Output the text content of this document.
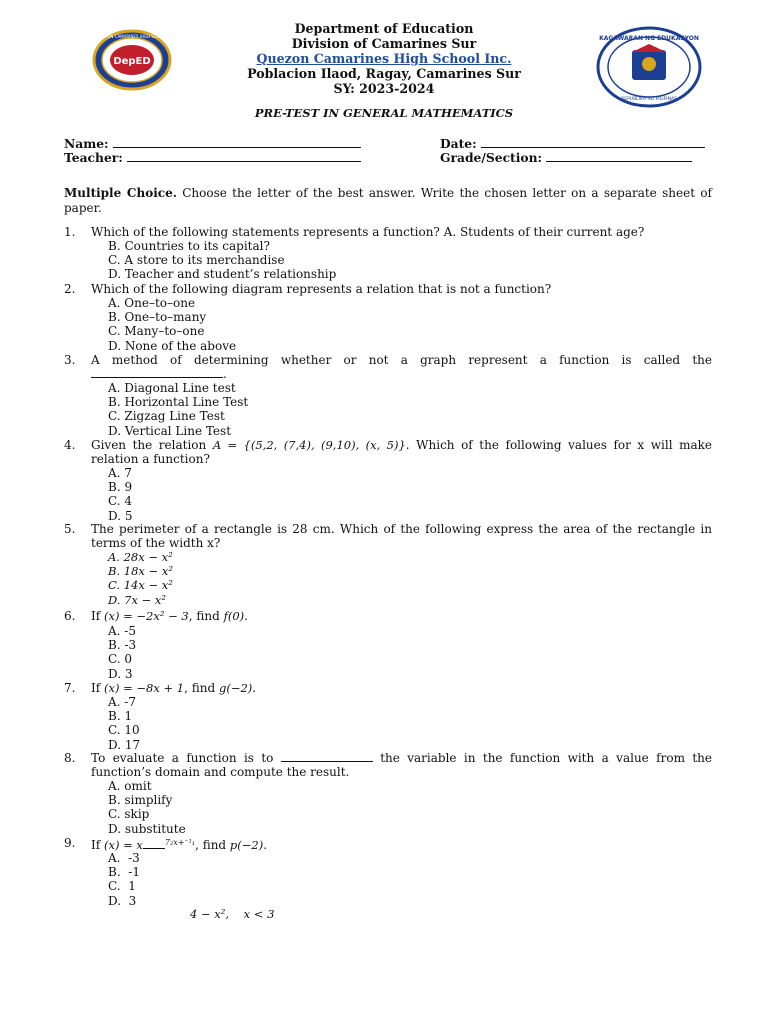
DepED
QUEZON CAMARINES HIGH SCHOOL	KAGAWARAN NG EDUKASYON
REPUBLIKA NG PILIPINAS
Department of Education
Division of Camarines Sur
Quezon Camarines High School Inc.
Poblacion Ilaod, Ragay, Camarines Sur
SY: 2023-2024
PRE-TEST IN GENERAL MATHEMATICS
Name:	Date:
Teacher:	Grade/Section:
Multiple Choice. Choose the letter of the best answer. Write the chosen letter on a separate sheet of paper.
1. Which of the following statements represents a function? A. Students of their current age?
B. Countries to its capital?
C. A store to its merchandise
D. Teacher and student’s relationship
2. Which of the following diagram represents a relation that is not a function?
A. One–to–one
B. One–to–many
C. Many–to–one
D. None of the above
3. A method of determining whether or not a graph represent a function is called the
.
A. Diagonal Line test
B. Horizontal Line Test
C. Zigzag Line Test
D. Vertical Line Test
4. Given the relation A = {(5,2, (7,4), (9,10), (x, 5)}. Which of the following values for x will make relation a function?
A. 7
B. 9
C. 4
D. 5
5. The perimeter of a rectangle is 28 cm. Which of the following express the area of the rectangle in terms of the width x?
A. 28x − x²
B. 18x − x²
C. 14x − x²
D. 7x − x²
6. If (x) = −2x² − 3, find f(0).
A. -5
B. -3
C. 0
D. 3
7. If (x) = −8x + 1, find g(−2).
A. -7
B. 1
C. 10
D. 17
8. To evaluate a function is to	the variable in the function with a value from the function’s domain and compute the result.
A. omit
B. simplify
C. skip
D. substitute
9. If (x) = x	$^{7_2x+^{-1}_1}$, find p(−2).
A.  -3
B.  -1
C.  1
D.  3
4 − x²,    x < 3
